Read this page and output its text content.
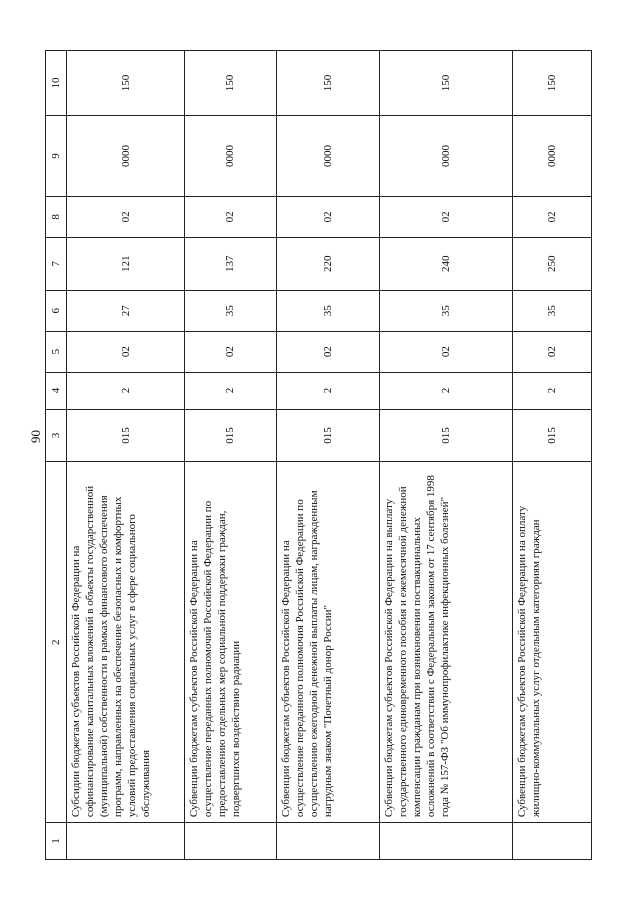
90
1	2	3	4	5	6	7	8	9	10
	Субсидии бюджетам субъектов Российской Федерации на софинансирование капитальных вложений в объекты государственной (муниципальной) собственности в рамках финансового обеспечения программ, направленных на обеспечение безопасных и комфортных условий предоставления социальных услуг в сфере социального обслуживания	015	2	02	27	121	02	0000	150
	Субвенции бюджетам субъектов Российской Федерации на осуществление переданных полномочий Российской Федерации по предоставлению отдельных мер социальной поддержки граждан, подвергшихся воздействию радиации	015	2	02	35	137	02	0000	150
	Субвенции бюджетам субъектов Российской Федерации на осуществление переданного полномочия Российской Федерации по осуществлению ежегодной денежной выплаты лицам, награжденным нагрудным знаком "Почетный донор России"	015	2	02	35	220	02	0000	150
	Субвенции бюджетам субъектов Российской Федерации на выплату государственного единовременного пособия и ежемесячной денежной компенсации гражданам при возникновении поствакцинальных осложнений в соответствии с Федеральным законом от 17 сентября 1998 года № 157-ФЗ "Об иммунопрофилактике инфекционных болезней"	015	2	02	35	240	02	0000	150
	Субвенции бюджетам субъектов Российской Федерации на оплату жилищно-коммунальных услуг отдельным категориям граждан	015	2	02	35	250	02	0000	150
